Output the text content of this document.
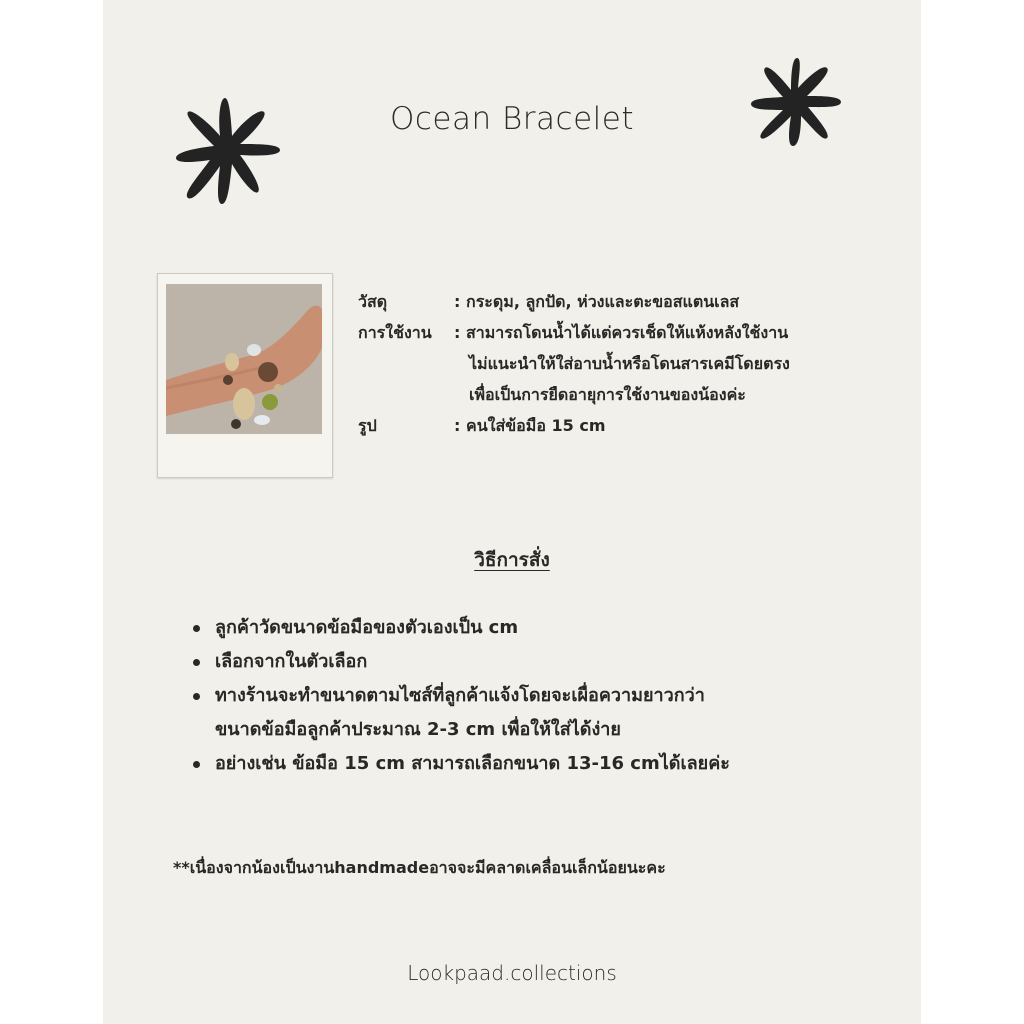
Ocean Bracelet
วัสดุ	: กระดุม, ลูกปัด, ห่วงและตะขอสแตนเลส
การใช้งาน : สามารถโดนน้ำได้แต่ควรเช็ดให้แห้งหลังใช้งาน
ไม่แนะนำให้ใส่อาบน้ำหรือโดนสารเคมีโดยตรง
เพื่อเป็นการยืดอายุการใช้งานของน้องค่ะ
รูป	: คนใส่ข้อมือ 15 cm
วิธีการสั่ง
ลูกค้าวัดขนาดข้อมือของตัวเองเป็น cm
เลือกจากในตัวเลือก
ทางร้านจะทำขนาดตามไซส์ที่ลูกค้าแจ้งโดยจะเผื่อความยาวกว่า
ขนาดข้อมือลูกค้าประมาณ 2-3 cm เพื่อให้ใส่ได้ง่าย
อย่างเช่น ข้อมือ 15 cm สามารถเลือกขนาด 13-16 cmได้เลยค่ะ
**เนื่องจากน้องเป็นงานhandmadeอาจจะมีคลาดเคลื่อนเล็กน้อยนะคะ
Lookpaad.collections
